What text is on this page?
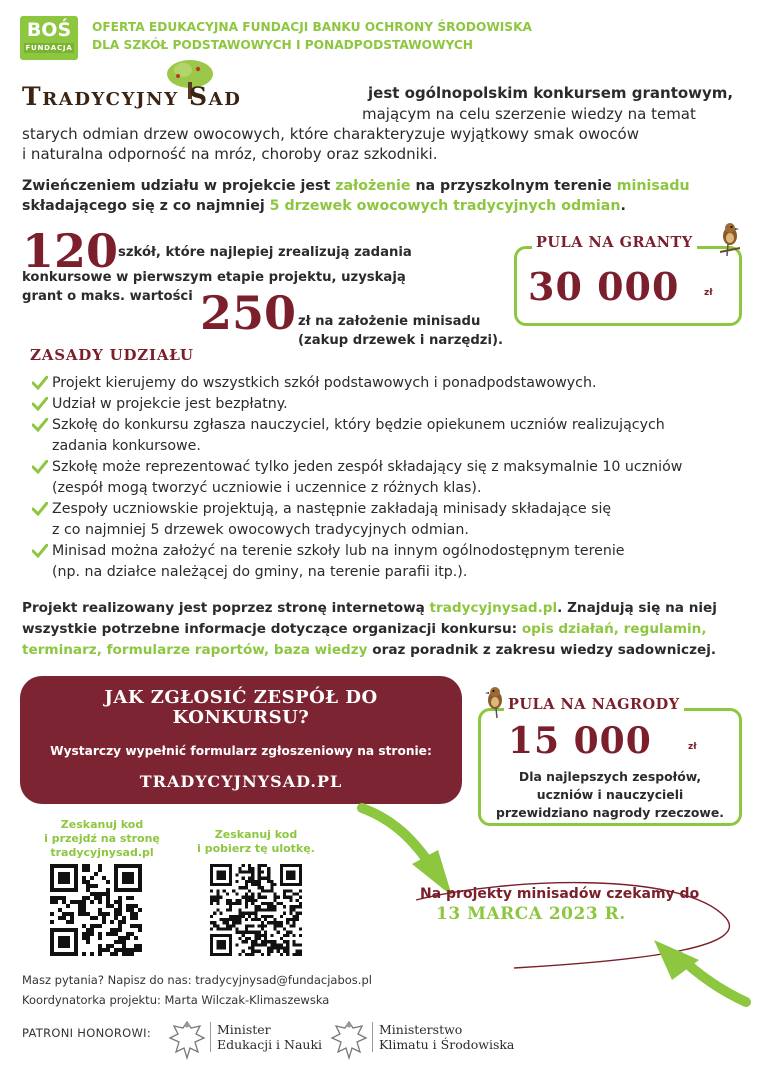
BOŚ
FUNDACJA
OFERTA EDUKACYJNA FUNDACJI BANKU OCHRONY ŚRODOWISKA
DLA SZKÓŁ PODSTAWOWYCH I PONADPODSTAWOWYCH
Tradycyjny Sad	jest ogólnopolskim konkursem grantowym,
mającym na celu szerzenie wiedzy na temat
starych odmian drzew owocowych, które charakteryzuje wyjątkowy smak owoców
i naturalna odporność na mróz, choroby oraz szkodniki.
Zwieńczeniem udziału w projekcie jest założenie na przyszkolnym terenie minisadu
składającego się z co najmniej 5 drzewek owocowych tradycyjnych odmian.
120 szkół, które najlepiej zrealizują zadania
konkursowe w pierwszym etapie projektu, uzyskają
grant o maks. wartości 250 zł na założenie minisadu
(zakup drzewek i narzędzi).
PULA NA GRANTY
30 000	zł
ZASADY UDZIAŁU
Projekt kierujemy do wszystkich szkół podstawowych i ponadpodstawowych.
Udział w projekcie jest bezpłatny.
Szkołę do konkursu zgłasza nauczyciel, który będzie opiekunem uczniów realizujących
zadania konkursowe.
Szkołę może reprezentować tylko jeden zespół składający się z maksymalnie 10 uczniów
(zespół mogą tworzyć uczniowie i uczennice z różnych klas).
Zespoły uczniowskie projektują, a następnie zakładają minisady składające się
z co najmniej 5 drzewek owocowych tradycyjnych odmian.
Minisad można założyć na terenie szkoły lub na innym ogólnodostępnym terenie
(np. na działce należącej do gminy, na terenie parafii itp.).
Projekt realizowany jest poprzez stronę internetową tradycyjnysad.pl. Znajdują się na niej
wszystkie potrzebne informacje dotyczące organizacji konkursu: opis działań, regulamin,
terminarz, formularze raportów, baza wiedzy oraz poradnik z zakresu wiedzy sadowniczej.
JAK ZGŁOSIĆ ZESPÓŁ DO
KONKURSU?
Wystarczy wypełnić formularz zgłoszeniowy na stronie:
TRADYCYJNYSAD.PL
PULA NA NAGRODY
15 000	zł
Dla najlepszych zespołów,
uczniów i nauczycieli
przewidziano nagrody rzeczowe.
Zeskanuj kod
i przejdź na stronę
tradycyjnysad.pl
Zeskanuj kod
i pobierz tę ulotkę.
Na projekty minisadów czekamy do
13 MARCA 2023 R.
Masz pytania? Napisz do nas: tradycyjnysad@fundacjabos.pl
Koordynatorka projektu: Marta Wilczak-Klimaszewska
PATRONI HONOROWI:	Minister
Edukacji i Nauki
Ministerstwo
Klimatu i Środowiska
